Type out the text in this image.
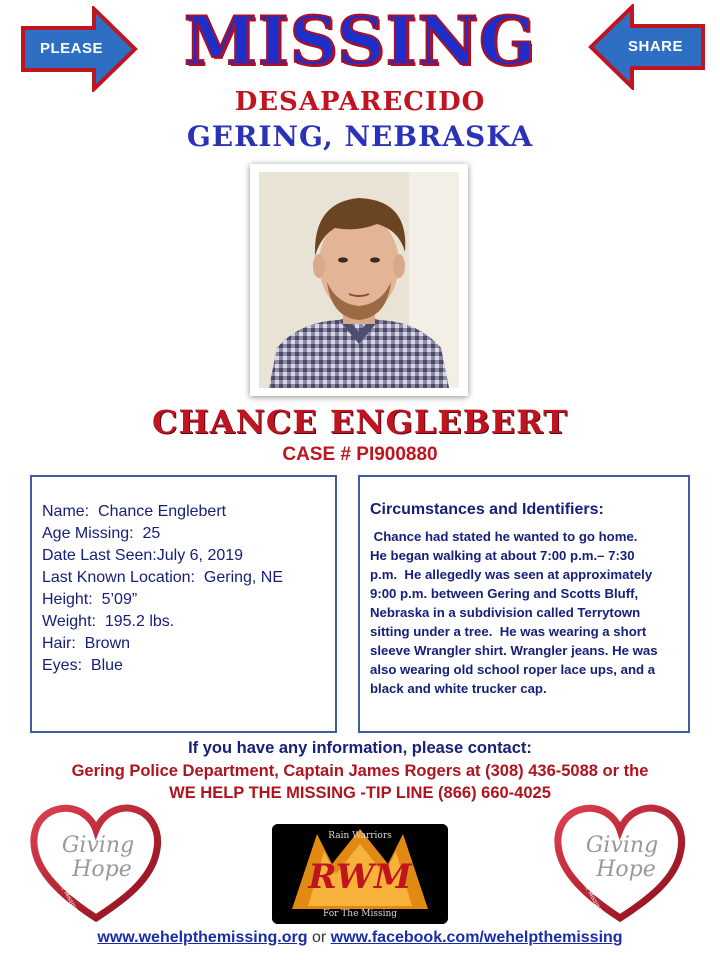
PLEASE	SHARE
MISSING
DESAPARECIDO
GERING, NEBRASKA
CHANCE ENGLEBERT
CASE # PI900880
Name: Chance Englebert
Age Missing: 25
Date Last Seen:July 6, 2019
Last Known Location: Gering, NE
Height: 5’09”
Weight: 195.2 lbs.
Hair: Brown
Eyes: Blue
Circumstances and Identifiers:
Chance had stated he wanted to go home.
He began walking at about 7:00 p.m.– 7:30
p.m.  He allegedly was seen at approximately
9:00 p.m. between Gering and Scotts Bluff,
Nebraska in a subdivision called Terrytown
sitting under a tree.  He was wearing a short
sleeve Wrangler shirt. Wrangler jeans. He was
also wearing old school roper lace ups, and a
black and white trucker cap.
If you have any information, please contact:
Gering Police Department, Captain James Rogers at (308) 436-5088 or the
WE HELP THE MISSING -TIP LINE (866) 660-4025
Giving
Hope
We Help The Missing
Rain Warriors
RWM
For The Missing
Giving
Hope
We Help The Missing
www.wehelpthemissing.org or www.facebook.com/wehelpthemissing
